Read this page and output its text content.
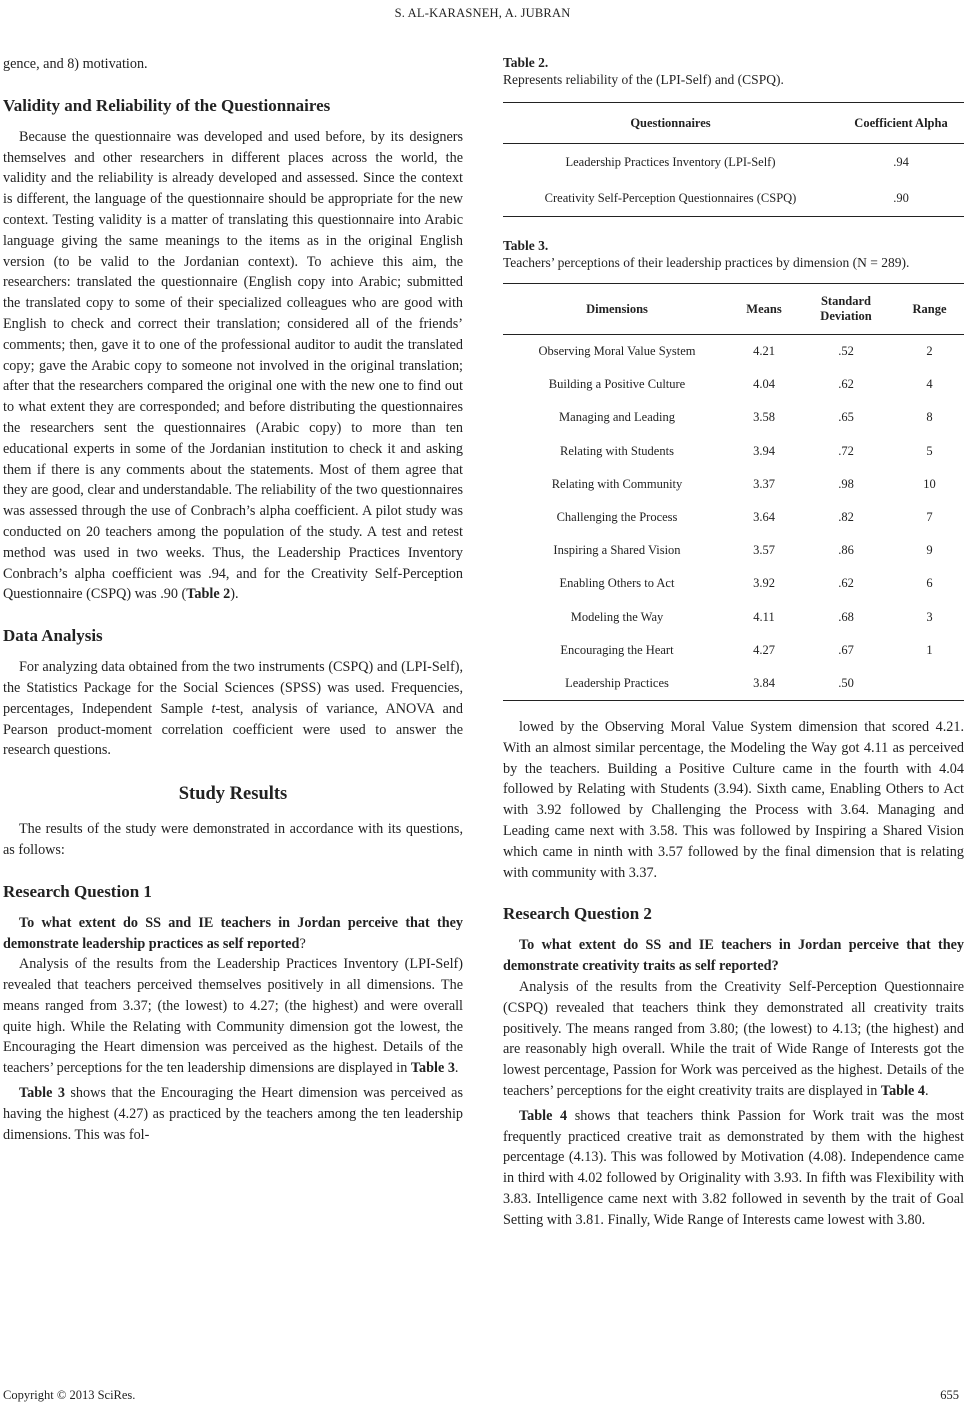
S. AL-KARASNEH, A. JUBRAN

gence, and 8) motivation.

Validity and Reliability of the Questionnaires

Because the questionnaire was developed and used before, by its designers themselves and other researchers in different places across the world, the validity and the reliability is already developed and assessed. Since the context is different, the language of the questionnaire should be appropriate for the new context. Testing validity is a matter of translating this questionnaire into Arabic language giving the same meanings to the items as in the original English version (to be valid to the Jordanian context). To achieve this aim, the researchers: translated the questionnaire (English copy into Arabic; submitted the translated copy to some of their specialized colleagues who are good with English to check and correct their translation; considered all of the friends’ comments; then, gave it to one of the professional auditor to audit the translated copy; gave the Arabic copy to someone not involved in the original translation; after that the researchers compared the original one with the new one to find out to what extent they are corresponded; and before distributing the questionnaires the researchers sent the questionnaires (Arabic copy) to more than ten educational experts in some of the Jordanian institution to check it and asking them if there is any comments about the statements. Most of them agree that they are good, clear and understandable. The reliability of the two questionnaires was assessed through the use of Conbrach’s alpha coefficient. A pilot study was conducted on 20 teachers among the population of the study. A test and retest method was used in two weeks. Thus, the Leadership Practices Inventory Conbrach’s alpha coefficient was .94, and for the Creativity Self-Perception Questionnaire (CSPQ) was .90 (Table 2).

Data Analysis

For analyzing data obtained from the two instruments (CSPQ) and (LPI-Self), the Statistics Package for the Social Sciences (SPSS) was used. Frequencies, percentages, Independent Sample t-test, analysis of variance, ANOVA and Pearson product-moment correlation coefficient were used to answer the research questions.

Study Results

The results of the study were demonstrated in accordance with its questions, as follows:

Research Question 1

To what extent do SS and IE teachers in Jordan perceive that they demonstrate leadership practices as self reported?

Analysis of the results from the Leadership Practices Inventory (LPI-Self) revealed that teachers perceived themselves positively in all dimensions. The means ranged from 3.37; (the lowest) to 4.27; (the highest) and were overall quite high. While the Relating with Community dimension got the lowest, the Encouraging the Heart dimension was perceived as the highest. Details of the teachers’ perceptions for the ten leadership dimensions are displayed in Table 3.

Table 3 shows that the Encouraging the Heart dimension was perceived as having the highest (4.27) as practiced by the teachers among the ten leadership dimensions. This was fol-

Table 2.
Represents reliability of the (LPI-Self) and (CSPQ).
Questionnaires	Coefficient Alpha
Leadership Practices Inventory (LPI-Self)	.94
Creativity Self-Perception Questionnaires (CSPQ)	.90
Table 3.
Teachers’ perceptions of their leadership practices by dimension (N = 289).
Dimensions	Means	Standard Deviation	Range
Observing Moral Value System	4.21	.52	2
Building a Positive Culture	4.04	.62	4
Managing and Leading	3.58	.65	8
Relating with Students	3.94	.72	5
Relating with Community	3.37	.98	10
Challenging the Process	3.64	.82	7
Inspiring a Shared Vision	3.57	.86	9
Enabling Others to Act	3.92	.62	6
Modeling the Way	4.11	.68	3
Encouraging the Heart	4.27	.67	1
Leadership Practices	3.84	.50	

lowed by the Observing Moral Value System dimension that scored 4.21. With an almost similar percentage, the Modeling the Way got 4.11 as perceived by the teachers. Building a Positive Culture came in the fourth with 4.04 followed by Relating with Students (3.94). Sixth came, Enabling Others to Act with 3.92 followed by Challenging the Process with 3.64. Managing and Leading came next with 3.58. This was followed by Inspiring a Shared Vision which came in ninth with 3.57 followed by the final dimension that is relating with community with 3.37.

Research Question 2

To what extent do SS and IE teachers in Jordan perceive that they demonstrate creativity traits as self reported?

Analysis of the results from the Creativity Self-Perception Questionnaire (CSPQ) revealed that teachers think they demonstrated all creativity traits positively. The means ranged from 3.80; (the lowest) to 4.13; (the highest) and are reasonably high overall. While the trait of Wide Range of Interests got the lowest percentage, Passion for Work was perceived as the highest. Details of the teachers’ perceptions for the eight creativity traits are displayed in Table 4.

Table 4 shows that teachers think Passion for Work trait was the most frequently practiced creative trait as demonstrated by them with the highest percentage (4.13). This was followed by Motivation (4.08). Independence came in third with 4.02 followed by Originality with 3.93. In fifth was Flexibility with 3.83. Intelligence came next with 3.82 followed in seventh by the trait of Goal Setting with 3.81. Finally, Wide Range of Interests came lowest with 3.80.

Copyright © 2013 SciRes.	655
